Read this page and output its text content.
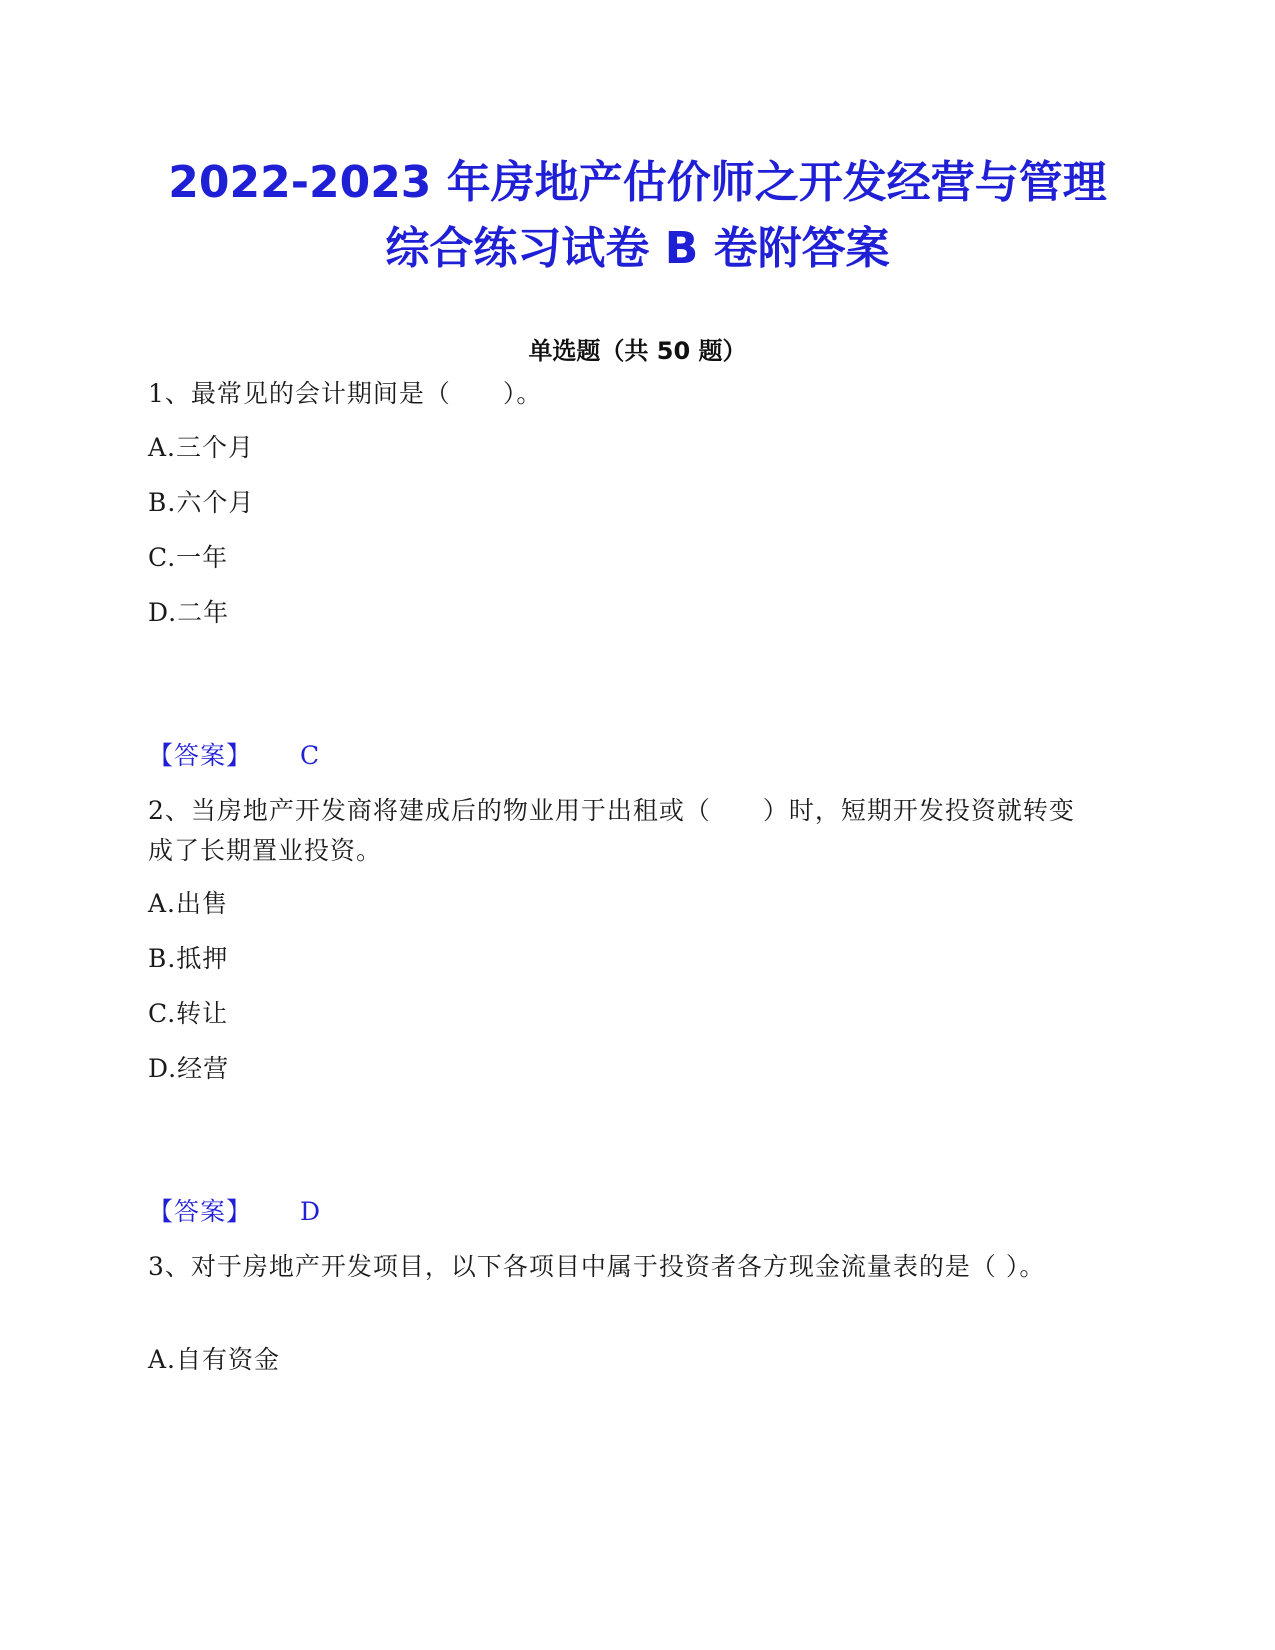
2022-2023 年房地产估价师之开发经营与管理综合练习试卷 B 卷附答案
单选题（共 50 题）
1、最常见的会计期间是（　　）。
A.三个月
B.六个月
C.一年
D.二年
【答案】 C
2、当房地产开发商将建成后的物业用于出租或（　　）时，短期开发投资就转变成了长期置业投资。
A.出售
B.抵押
C.转让
D.经营
【答案】 D
3、对于房地产开发项目，以下各项目中属于投资者各方现金流量表的是（ ）。
A.自有资金
